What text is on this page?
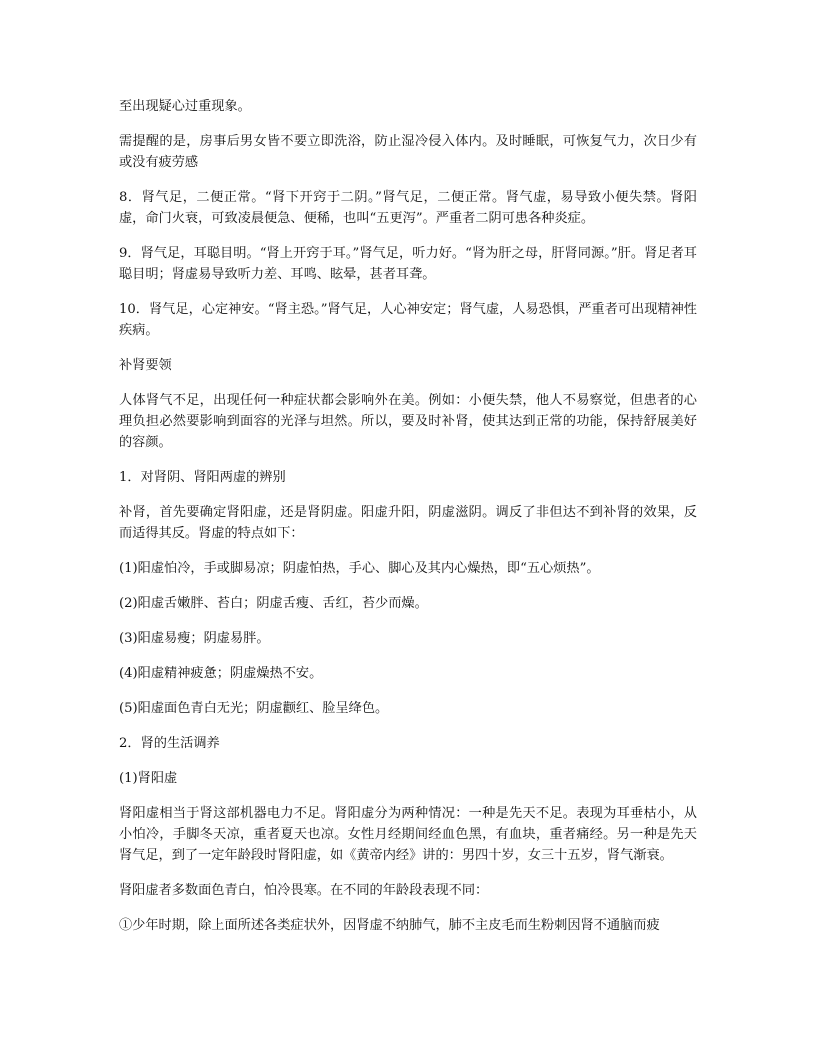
至出现疑心过重现象。

需提醒的是，房事后男女皆不要立即洗浴，防止湿冷侵入体内。及时睡眠，可恢复气力，次日少有或没有疲劳感

8．肾气足，二便正常。“肾下开窍于二阴。”肾气足，二便正常。肾气虚，易导致小便失禁。肾阳虚，命门火衰，可致凌晨便急、便稀，也叫“五更泻”。严重者二阴可患各种炎症。

9．肾气足，耳聪目明。“肾上开窍于耳。”肾气足，听力好。“肾为肝之母，肝肾同源。”肝。肾足者耳聪目明；肾虚易导致听力差、耳鸣、眩晕，甚者耳聋。

10．肾气足，心定神安。“肾主恐。”肾气足，人心神安定；肾气虚，人易恐惧，严重者可出现精神性疾病。

补肾要领

人体肾气不足，出现任何一种症状都会影响外在美。例如：小便失禁，他人不易察觉，但患者的心理负担必然要影响到面容的光泽与坦然。所以，要及时补肾，使其达到正常的功能，保持舒展美好的容颜。

1．对肾阴、肾阳两虚的辨别

补肾，首先要确定肾阳虚，还是肾阴虚。阳虚升阳，阴虚滋阴。调反了非但达不到补肾的效果，反而适得其反。肾虚的特点如下：

(1)阳虚怕冷，手或脚易凉；阴虚怕热，手心、脚心及其内心燥热，即“五心烦热”。

(2)阳虚舌嫩胖、苔白；阴虚舌瘦、舌红，苔少而燥。

(3)阳虚易瘦；阴虚易胖。

(4)阳虚精神疲惫；阴虚燥热不安。

(5)阳虚面色青白无光；阴虚颧红、脸呈绛色。

2．肾的生活调养

(1)肾阳虚

肾阳虚相当于肾这部机器电力不足。肾阳虚分为两种情况：一种是先天不足。表现为耳垂枯小，从小怕冷，手脚冬天凉，重者夏天也凉。女性月经期间经血色黑，有血块，重者痛经。另一种是先天肾气足，到了一定年龄段时肾阳虚，如《黄帝内经》讲的：男四十岁，女三十五岁，肾气渐衰。

肾阳虚者多数面色青白，怕冷畏寒。在不同的年龄段表现不同：

①少年时期，除上面所述各类症状外，因肾虚不纳肺气，肺不主皮毛而生粉刺因肾不通脑而疲
